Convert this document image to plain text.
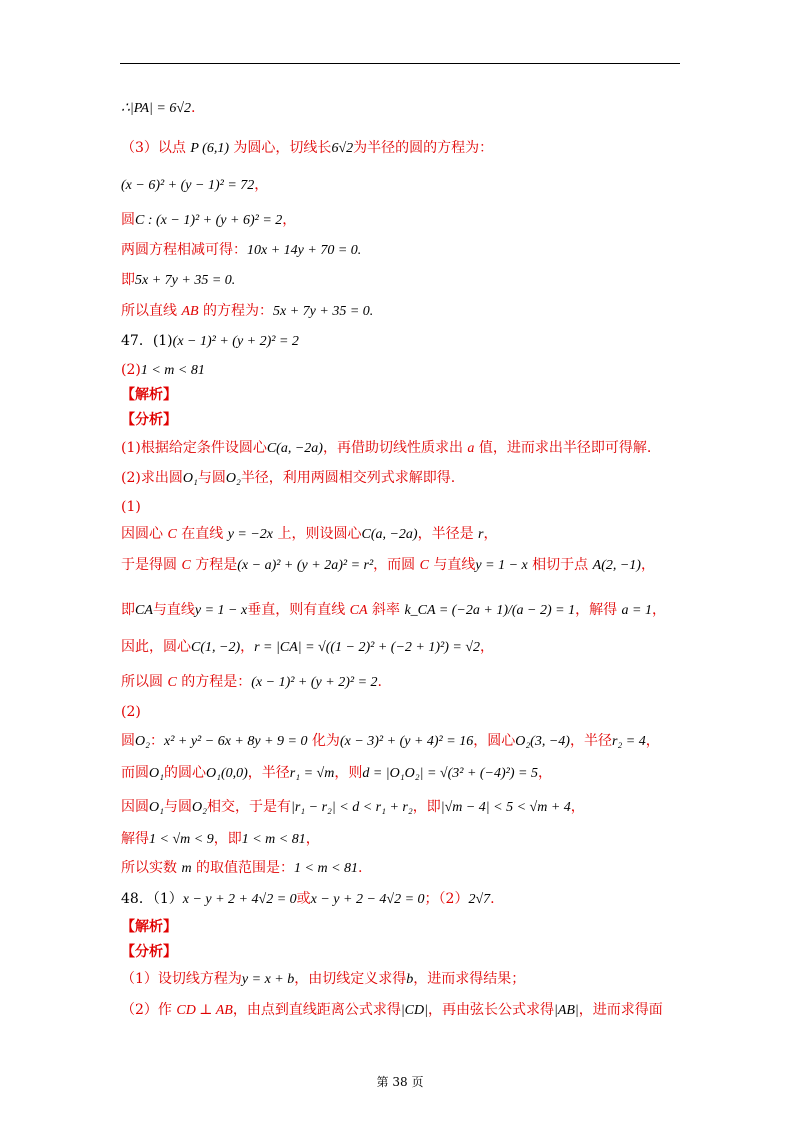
∴|PA| = 6√2.
（3）以点 P (6,1) 为圆心，切线长6√2为半径的圆的方程为：
(x − 6)² + (y − 1)² = 72，
圆C : (x − 1)² + (y + 6)² = 2，
两圆方程相减可得：10x + 14y + 70 = 0.
即5x + 7y + 35 = 0.
所以直线 AB 的方程为：5x + 7y + 35 = 0.
47．(1)(x − 1)² + (y + 2)² = 2
(2)1 < m < 81
【解析】
【分析】
(1)根据给定条件设圆心C(a, −2a)，再借助切线性质求出 a 值，进而求出半径即可得解.
(2)求出圆O₁与圆O₂半径，利用两圆相交列式求解即得.
(1)
因圆心 C 在直线 y = −2x 上，则设圆心C(a, −2a)，半径是 r，
于是得圆 C 方程是(x − a)² + (y + 2a)² = r²，而圆 C 与直线y = 1 − x 相切于点 A(2, −1)，
即CA与直线y = 1 − x垂直，则有直线 CA 斜率 k_CA = (−2a + 1)/(a − 2) = 1，解得 a = 1，
因此，圆心C(1, −2)，r = |CA| = √((1 − 2)² + (−2 + 1)²) = √2，
所以圆 C 的方程是：(x − 1)² + (y + 2)² = 2.
(2)
圆O₂：x² + y² − 6x + 8y + 9 = 0 化为(x − 3)² + (y + 4)² = 16，圆心O₂(3, −4)，半径r₂ = 4，
而圆O₁的圆心O₁(0,0)，半径r₁ = √m，则d = |O₁O₂| = √(3² + (−4)²) = 5，
因圆O₁与圆O₂相交，于是有|r₁ − r₂| < d < r₁ + r₂，即|√m − 4| < 5 < √m + 4，
解得1 < √m < 9，即1 < m < 81，
所以实数 m 的取值范围是：1 < m < 81.
48．（1）x − y + 2 + 4√2 = 0或x − y + 2 − 4√2 = 0；（2）2√7.
【解析】
【分析】
（1）设切线方程为y = x + b，由切线定义求得b，进而求得结果；
（2）作 CD ⊥ AB，由点到直线距离公式求得|CD|，再由弦长公式求得|AB|，进而求得面
第 38 页
